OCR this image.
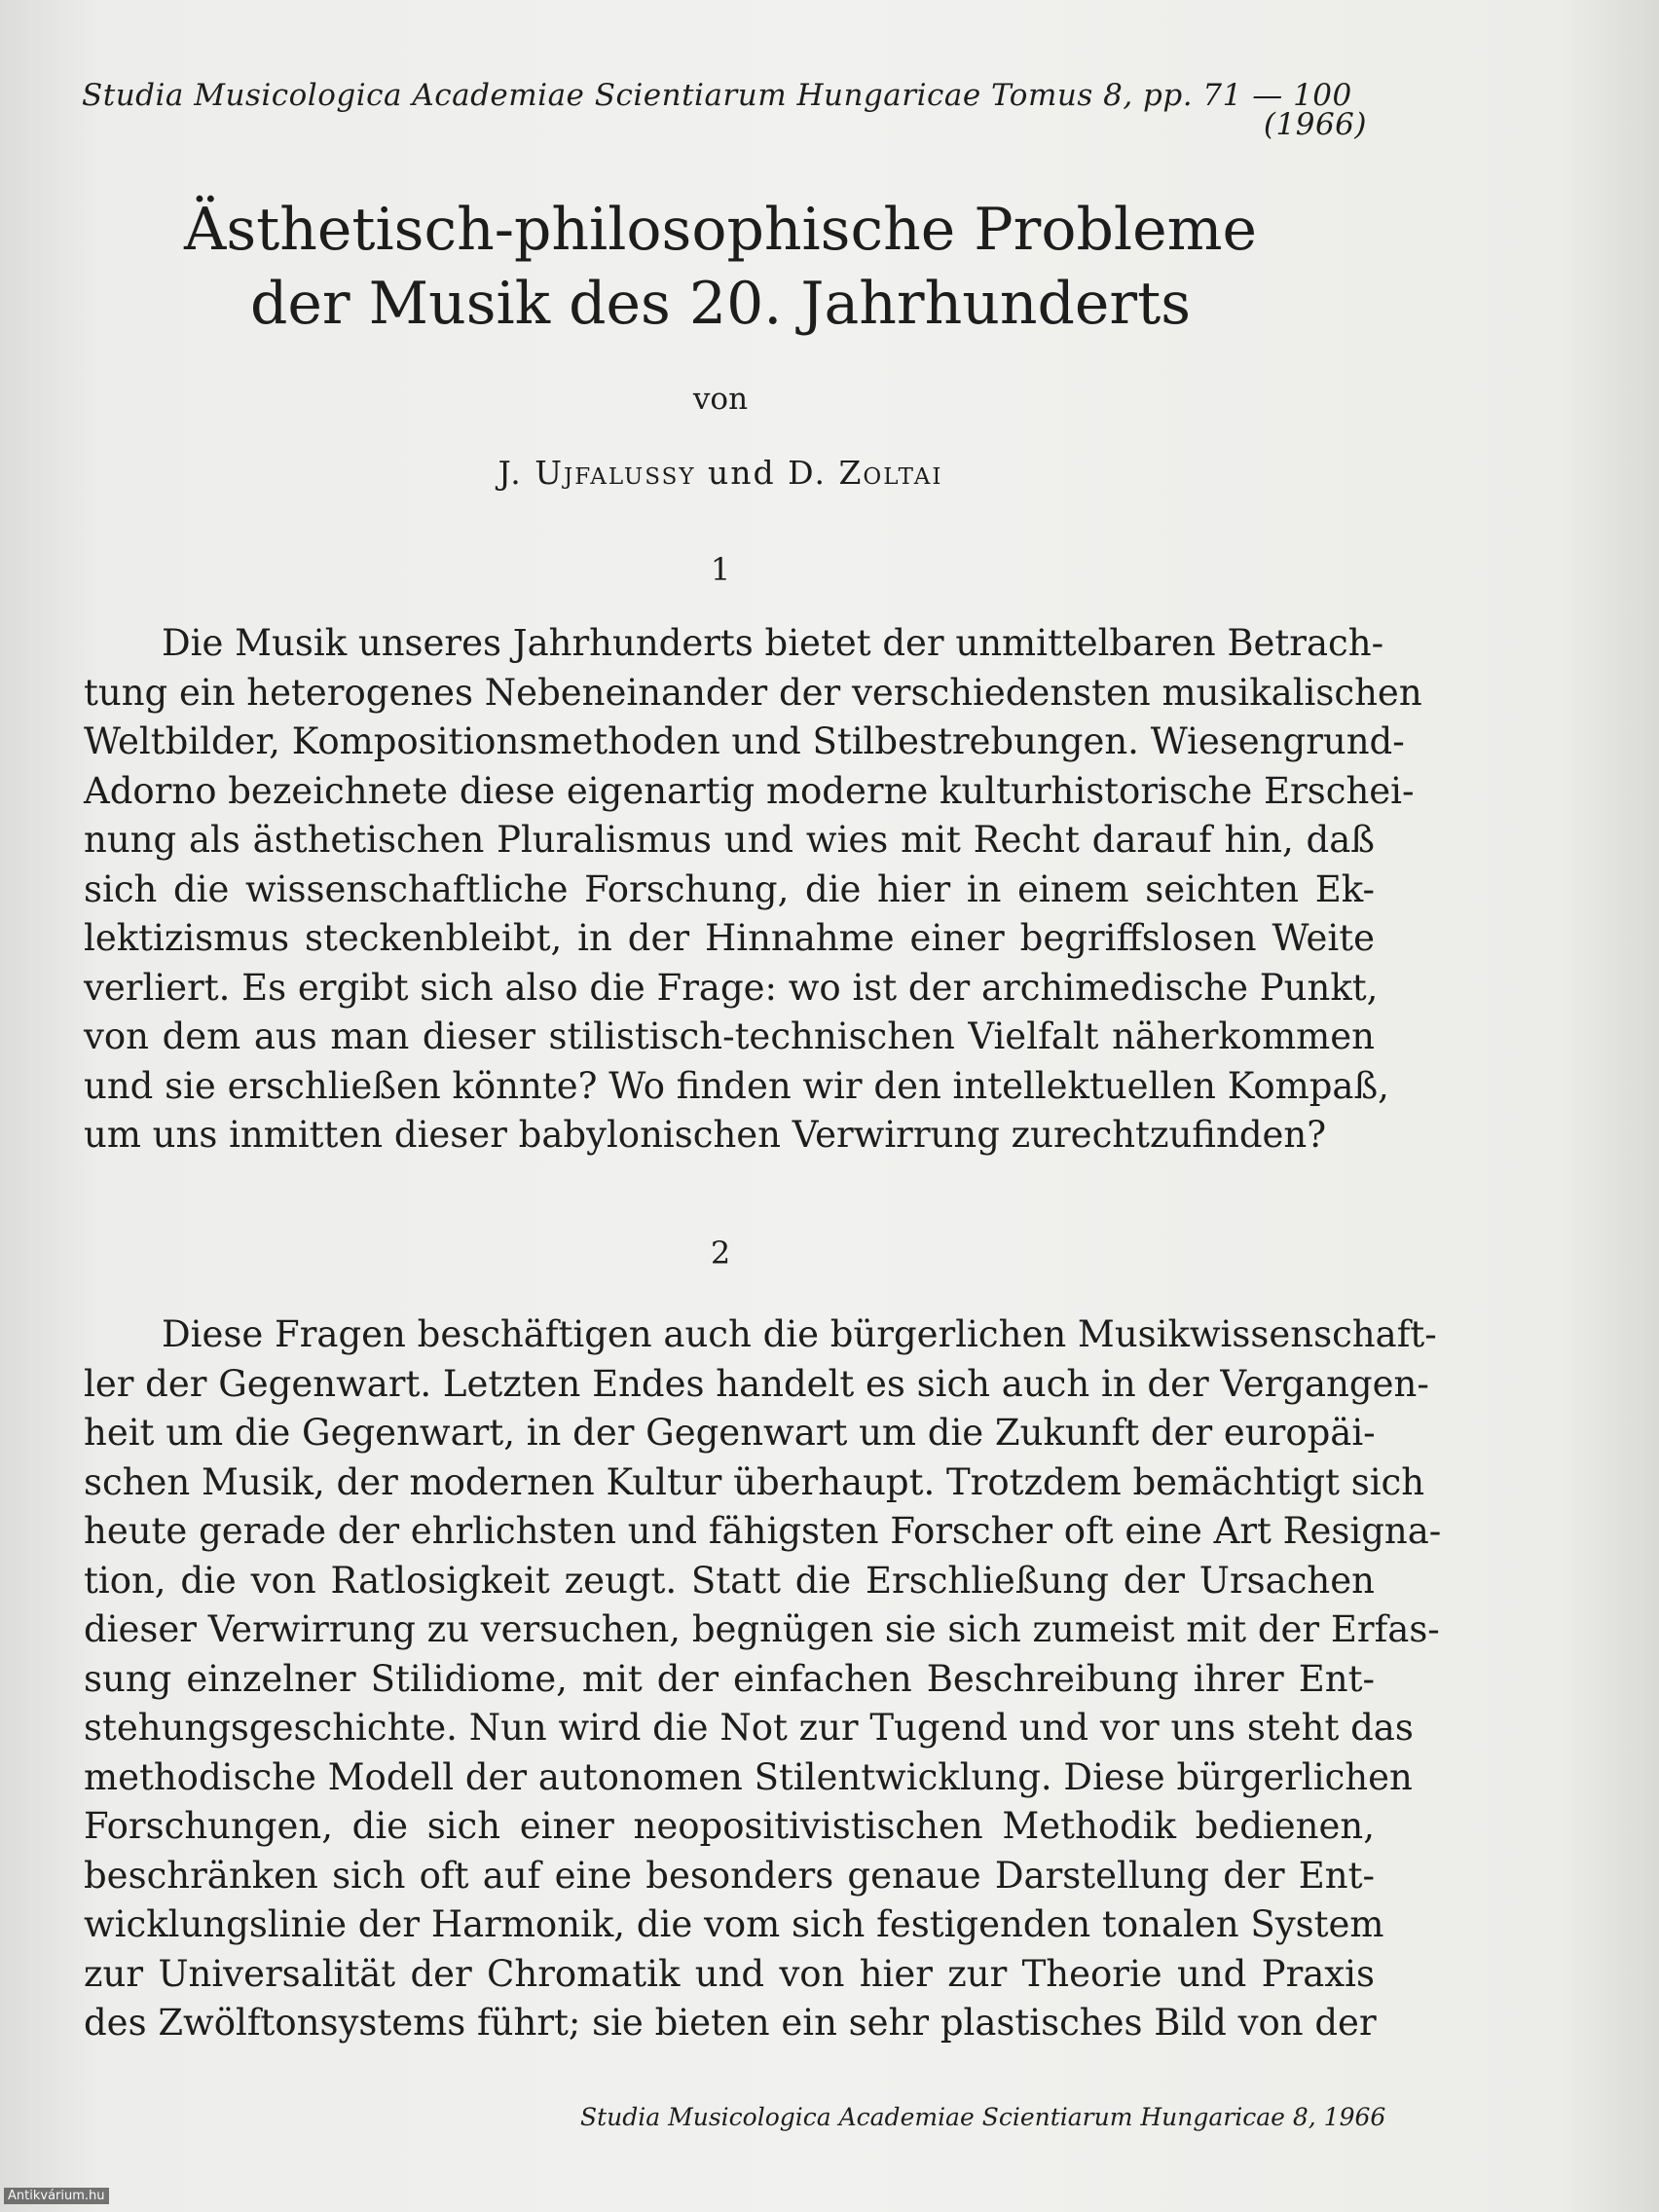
Studia Musicologica Academiae Scientiarum Hungaricae Tomus 8, pp. 71 — 100
(1966)
Ästhetisch-philosophische Probleme
der Musik des 20. Jahrhunderts
von
J. Ujfalussy und D. Zoltai
1
Die Musik unseres Jahrhunderts bietet der unmittelbaren Betrach-
tung ein heterogenes Nebeneinander der verschiedensten musikalischen
Weltbilder, Kompositionsmethoden und Stilbestrebungen. Wiesengrund-
Adorno bezeichnete diese eigenartig moderne kulturhistorische Erschei-
nung als ästhetischen Pluralismus und wies mit Recht darauf hin, daß
sich die wissenschaftliche Forschung, die hier in einem seichten Ek-
lektizismus steckenbleibt, in der Hinnahme einer begriffslosen Weite
verliert. Es ergibt sich also die Frage: wo ist der archimedische Punkt,
von dem aus man dieser stilistisch-technischen Vielfalt näherkommen
und sie erschließen könnte? Wo finden wir den intellektuellen Kompaß,
um uns inmitten dieser babylonischen Verwirrung zurechtzufinden?
2
Diese Fragen beschäftigen auch die bürgerlichen Musikwissenschaft-
ler der Gegenwart. Letzten Endes handelt es sich auch in der Vergangen-
heit um die Gegenwart, in der Gegenwart um die Zukunft der europäi-
schen Musik, der modernen Kultur überhaupt. Trotzdem bemächtigt sich
heute gerade der ehrlichsten und fähigsten Forscher oft eine Art Resigna-
tion, die von Ratlosigkeit zeugt. Statt die Erschließung der Ursachen
dieser Verwirrung zu versuchen, begnügen sie sich zumeist mit der Erfas-
sung einzelner Stilidiome, mit der einfachen Beschreibung ihrer Ent-
stehungsgeschichte. Nun wird die Not zur Tugend und vor uns steht das
methodische Modell der autonomen Stilentwicklung. Diese bürgerlichen
Forschungen, die sich einer neopositivistischen Methodik bedienen,
beschränken sich oft auf eine besonders genaue Darstellung der Ent-
wicklungslinie der Harmonik, die vom sich festigenden tonalen System
zur Universalität der Chromatik und von hier zur Theorie und Praxis
des Zwölftonsystems führt; sie bieten ein sehr plastisches Bild von der
Studia Musicologica Academiae Scientiarum Hungaricae 8, 1966
Antikvárium.hu
